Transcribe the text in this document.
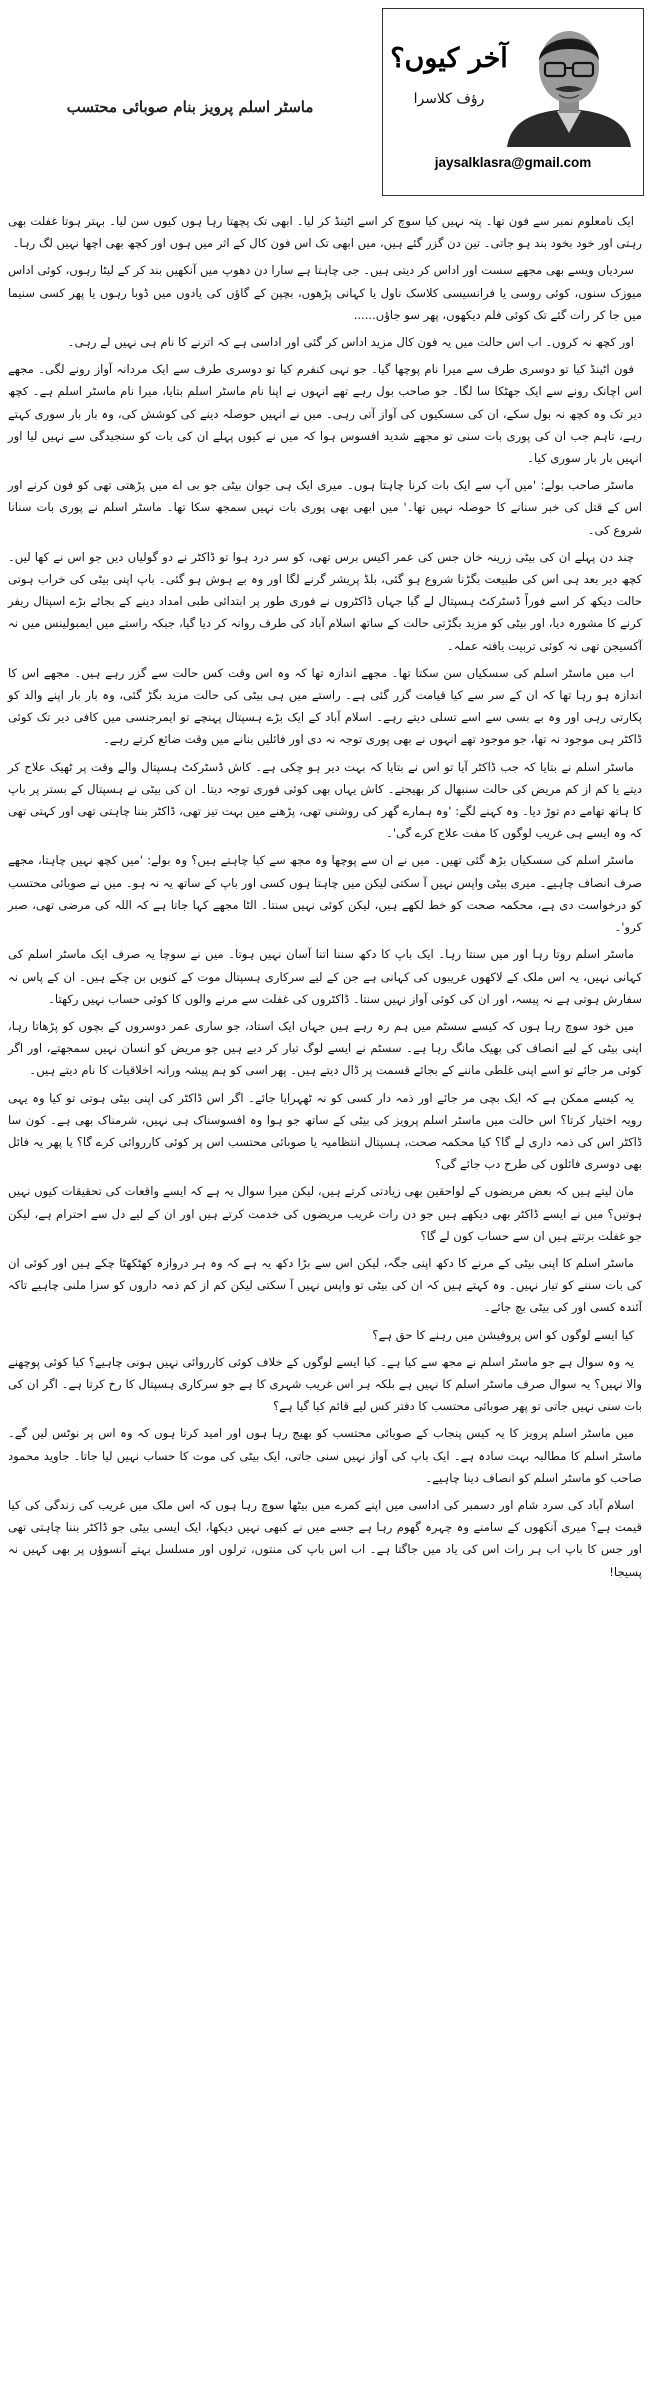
ماسٹر اسلم پرویز بنام صوبائی محتسب
آخر کیوں؟
رؤف کلاسرا
jaysalklasra@gmail.com

ایک نامعلوم نمبر سے فون تھا۔ پتہ نہیں کیا سوچ کر اسے اٹینڈ کر لیا۔ ابھی تک پچھتا رہا ہوں کیوں سن لیا۔ بہتر ہوتا غفلت بھی رہتی اور خود بخود بند ہو جاتی۔ تین دن گزر گئے ہیں، میں ابھی تک اس فون کال کے اثر میں ہوں اور کچھ بھی اچھا نہیں لگ رہا۔

سردیاں ویسے بھی مجھے سست اور اداس کر دیتی ہیں۔ جی چاہتا ہے سارا دن دھوپ میں آنکھیں بند کر کے لیٹا رہوں، کوئی اداس میوزک سنوں، کوئی روسی یا فرانسیسی کلاسک ناول یا کہانی پڑھوں، بچپن کے گاؤں کی یادوں میں ڈوبا رہوں یا پھر کسی سنیما میں جا کر رات گئے تک کوئی فلم دیکھوں، پھر سو جاؤں......

اور کچھ نہ کروں۔ اب اس حالت میں یہ فون کال مزید اداس کر گئی اور اداسی ہے کہ اترنے کا نام ہی نہیں لے رہی۔

فون اٹینڈ کیا تو دوسری طرف سے میرا نام پوچھا گیا۔ جو نہی کنفرم کیا تو دوسری طرف سے ایک مردانہ آواز رونے لگی۔ مجھے اس اچانک رونے سے ایک جھٹکا سا لگا۔ جو صاحب بول رہے تھے انہوں نے اپنا نام ماسٹر اسلم بتایا، میرا نام ماسٹر اسلم ہے۔ کچھ دیر تک وہ کچھ نہ بول سکے، ان کی سسکیوں کی آواز آتی رہی۔ میں نے انہیں حوصلہ دینے کی کوشش کی، وہ بار بار سوری کہتے رہے، تاہم جب ان کی پوری بات سنی تو مجھے شدید افسوس ہوا کہ میں نے کیوں پہلے ان کی بات کو سنجیدگی سے نہیں لیا اور انہیں بار بار سوری کیا۔

ماسٹر صاحب بولے: 'میں آپ سے ایک بات کرنا چاہتا ہوں۔ میری ایک ہی جوان بیٹی جو بی اے میں پڑھتی تھی کو فون کرنے اور اس کے قتل کی خبر سنانے کا حوصلہ نہیں تھا۔' میں ابھی بھی پوری بات نہیں سمجھ سکا تھا۔ ماسٹر اسلم نے پوری بات سنانا شروع کی۔

چند دن پہلے ان کی بیٹی زرینہ خان جس کی عمر اکیس برس تھی، کو سر درد ہوا تو ڈاکٹر نے دو گولیاں دیں جو اس نے کھا لیں۔ کچھ دیر بعد ہی اس کی طبیعت بگڑنا شروع ہو گئی، بلڈ پریشر گرنے لگا اور وہ بے ہوش ہو گئی۔ باپ اپنی بیٹی کی خراب ہوتی حالت دیکھ کر اسے فوراً ڈسٹرکٹ ہسپتال لے گیا جہاں ڈاکٹروں نے فوری طور پر ابتدائی طبی امداد دینے کے بجائے بڑے اسپتال ریفر کرنے کا مشورہ دیا، اور بیٹی کو مزید بگڑتی حالت کے ساتھ اسلام آباد کی طرف روانہ کر دیا گیا، جبکہ راستے میں ایمبولینس میں نہ آکسیجن تھی نہ کوئی تربیت یافتہ عملہ۔

اب میں ماسٹر اسلم کی سسکیاں سن سکتا تھا۔ مجھے اندازہ تھا کہ وہ اس وقت کس حالت سے گزر رہے ہیں۔ مجھے اس کا اندازہ ہو رہا تھا کہ ان کے سر سے کیا قیامت گزر گئی ہے۔ راستے میں ہی بیٹی کی حالت مزید بگڑ گئی، وہ بار بار اپنے والد کو پکارتی رہی اور وہ بے بسی سے اسے تسلی دیتے رہے۔ اسلام آباد کے ایک بڑے ہسپتال پہنچے تو ایمرجنسی میں کافی دیر تک کوئی ڈاکٹر ہی موجود نہ تھا، جو موجود تھے انہوں نے بھی پوری توجہ نہ دی اور فائلیں بنانے میں وقت ضائع کرتے رہے۔

ماسٹر اسلم نے بتایا کہ جب ڈاکٹر آیا تو اس نے بتایا کہ بہت دیر ہو چکی ہے۔ کاش ڈسٹرکٹ ہسپتال والے وقت پر ٹھیک علاج کر دیتے یا کم از کم مریض کی حالت سنبھال کر بھیجتے۔ کاش یہاں بھی کوئی فوری توجہ دیتا۔ ان کی بیٹی نے ہسپتال کے بستر پر باپ کا ہاتھ تھامے دم توڑ دیا۔ وہ کہنے لگے: 'وہ ہمارے گھر کی روشنی تھی، پڑھنے میں بہت تیز تھی، ڈاکٹر بننا چاہتی تھی اور کہتی تھی کہ وہ ایسے ہی غریب لوگوں کا مفت علاج کرے گی'۔

ماسٹر اسلم کی سسکیاں بڑھ گئی تھیں۔ میں نے ان سے پوچھا وہ مجھ سے کیا چاہتے ہیں؟ وہ بولے: 'میں کچھ نہیں چاہتا، مجھے صرف انصاف چاہیے۔ میری بیٹی واپس نہیں آ سکتی لیکن میں چاہتا ہوں کسی اور باپ کے ساتھ یہ نہ ہو۔ میں نے صوبائی محتسب کو درخواست دی ہے، محکمہ صحت کو خط لکھے ہیں، لیکن کوئی نہیں سنتا۔ الٹا مجھے کہا جاتا ہے کہ اللہ کی مرضی تھی، صبر کرو'۔

ماسٹر اسلم روتا رہا اور میں سنتا رہا۔ ایک باپ کا دکھ سننا اتنا آسان نہیں ہوتا۔ میں نے سوچا یہ صرف ایک ماسٹر اسلم کی کہانی نہیں، یہ اس ملک کے لاکھوں غریبوں کی کہانی ہے جن کے لیے سرکاری ہسپتال موت کے کنویں بن چکے ہیں۔ ان کے پاس نہ سفارش ہوتی ہے نہ پیسہ، اور ان کی کوئی آواز نہیں سنتا۔ ڈاکٹروں کی غفلت سے مرنے والوں کا کوئی حساب نہیں رکھتا۔

میں خود سوچ رہا ہوں کہ کیسے سسٹم میں ہم رہ رہے ہیں جہاں ایک استاد، جو ساری عمر دوسروں کے بچوں کو پڑھاتا رہا، اپنی بیٹی کے لیے انصاف کی بھیک مانگ رہا ہے۔ سسٹم نے ایسے لوگ تیار کر دیے ہیں جو مریض کو انسان نہیں سمجھتے، اور اگر کوئی مر جائے تو اسے اپنی غلطی ماننے کے بجائے قسمت پر ڈال دیتے ہیں۔ پھر اسی کو ہم پیشہ ورانہ اخلاقیات کا نام دیتے ہیں۔

یہ کیسے ممکن ہے کہ ایک بچی مر جائے اور ذمہ دار کسی کو نہ ٹھہرایا جائے۔ اگر اس ڈاکٹر کی اپنی بیٹی ہوتی تو کیا وہ یہی رویہ اختیار کرتا؟ اس حالت میں ماسٹر اسلم پرویز کی بیٹی کے ساتھ جو ہوا وہ افسوسناک ہی نہیں، شرمناک بھی ہے۔ کون سا ڈاکٹر اس کی ذمہ داری لے گا؟ کیا محکمہ صحت، ہسپتال انتظامیہ یا صوبائی محتسب اس پر کوئی کارروائی کرے گا؟ یا پھر یہ فائل بھی دوسری فائلوں کی طرح دب جائے گی؟

مان لیتے ہیں کہ بعض مریضوں کے لواحقین بھی زیادتی کرتے ہیں، لیکن میرا سوال یہ ہے کہ ایسے واقعات کی تحقیقات کیوں نہیں ہوتیں؟ میں نے ایسے ڈاکٹر بھی دیکھے ہیں جو دن رات غریب مریضوں کی خدمت کرتے ہیں اور ان کے لیے دل سے احترام ہے، لیکن جو غفلت برتتے ہیں ان سے حساب کون لے گا؟

ماسٹر اسلم کا اپنی بیٹی کے مرنے کا دکھ اپنی جگہ، لیکن اس سے بڑا دکھ یہ ہے کہ وہ ہر دروازہ کھٹکھٹا چکے ہیں اور کوئی ان کی بات سننے کو تیار نہیں۔ وہ کہتے ہیں کہ ان کی بیٹی تو واپس نہیں آ سکتی لیکن کم از کم ذمہ داروں کو سزا ملنی چاہیے تاکہ آئندہ کسی اور کی بیٹی بچ جائے۔

کیا ایسے لوگوں کو اس پروفیشن میں رہنے کا حق ہے؟

یہ وہ سوال ہے جو ماسٹر اسلم نے مجھ سے کیا ہے۔ کیا ایسے لوگوں کے خلاف کوئی کارروائی نہیں ہونی چاہیے؟ کیا کوئی پوچھنے والا نہیں؟ یہ سوال صرف ماسٹر اسلم کا نہیں ہے بلکہ ہر اس غریب شہری کا ہے جو سرکاری ہسپتال کا رخ کرتا ہے۔ اگر ان کی بات سنی نہیں جاتی تو پھر صوبائی محتسب کا دفتر کس لیے قائم کیا گیا ہے؟

میں ماسٹر اسلم پرویز کا یہ کیس پنجاب کے صوبائی محتسب کو بھیج رہا ہوں اور امید کرتا ہوں کہ وہ اس پر نوٹس لیں گے۔ ماسٹر اسلم کا مطالبہ بہت سادہ ہے۔ ایک باپ کی آواز نہیں سنی جاتی، ایک بیٹی کی موت کا حساب نہیں لیا جاتا۔ جاوید محمود صاحب کو ماسٹر اسلم کو انصاف دینا چاہیے۔

اسلام آباد کی سرد شام اور دسمبر کی اداسی میں اپنے کمرے میں بیٹھا سوچ رہا ہوں کہ اس ملک میں غریب کی زندگی کی کیا قیمت ہے؟ میری آنکھوں کے سامنے وہ چہرہ گھوم رہا ہے جسے میں نے کبھی نہیں دیکھا، ایک ایسی بیٹی جو ڈاکٹر بننا چاہتی تھی اور جس کا باپ اب ہر رات اس کی یاد میں جاگتا ہے۔ اب اس باپ کی منتوں، ترلوں اور مسلسل بہتے آنسوؤں پر بھی کہیں نہ پسیجا!
